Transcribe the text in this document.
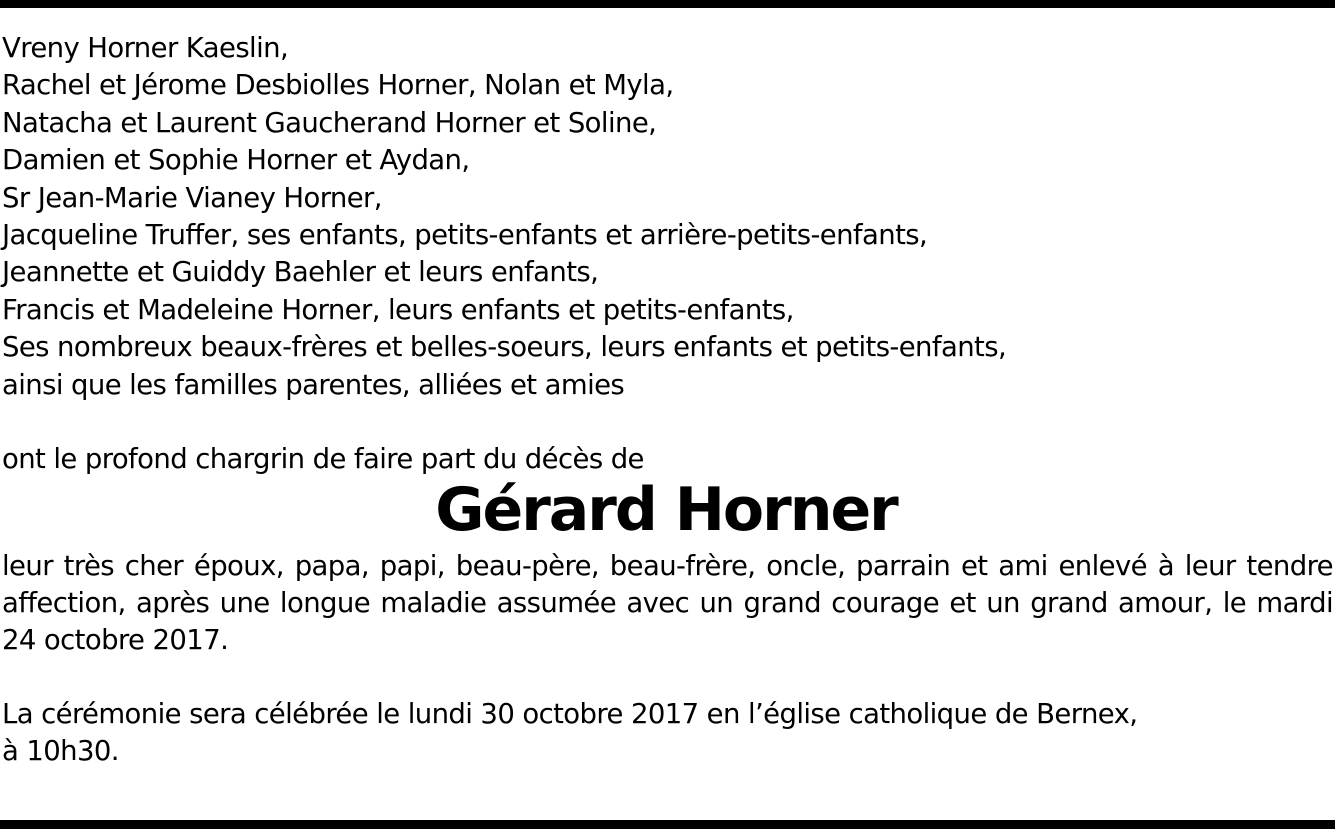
Vreny Horner Kaeslin,
Rachel et Jérome Desbiolles Horner, Nolan et Myla,
Natacha et Laurent Gaucherand Horner et Soline,
Damien et Sophie Horner et Aydan,
Sr Jean-Marie Vianey Horner,
Jacqueline Truffer, ses enfants, petits-enfants et arrière-petits-enfants,
Jeannette et Guiddy Baehler et leurs enfants,
Francis et Madeleine Horner, leurs enfants et petits-enfants,
Ses nombreux beaux-frères et belles-soeurs, leurs enfants et petits-enfants,
ainsi que les familles parentes, alliées et amies
ont le profond chargrin de faire part du décès de
Gérard Horner
leur très cher époux, papa, papi, beau-père, beau-frère, oncle, parrain et ami enlevé à leur tendre affection, après une longue maladie assumée avec un grand courage et un grand amour, le mardi 24 octobre 2017.
La cérémonie sera célébrée le lundi 30 octobre 2017 en l’église catholique de Bernex,
à 10h30.
